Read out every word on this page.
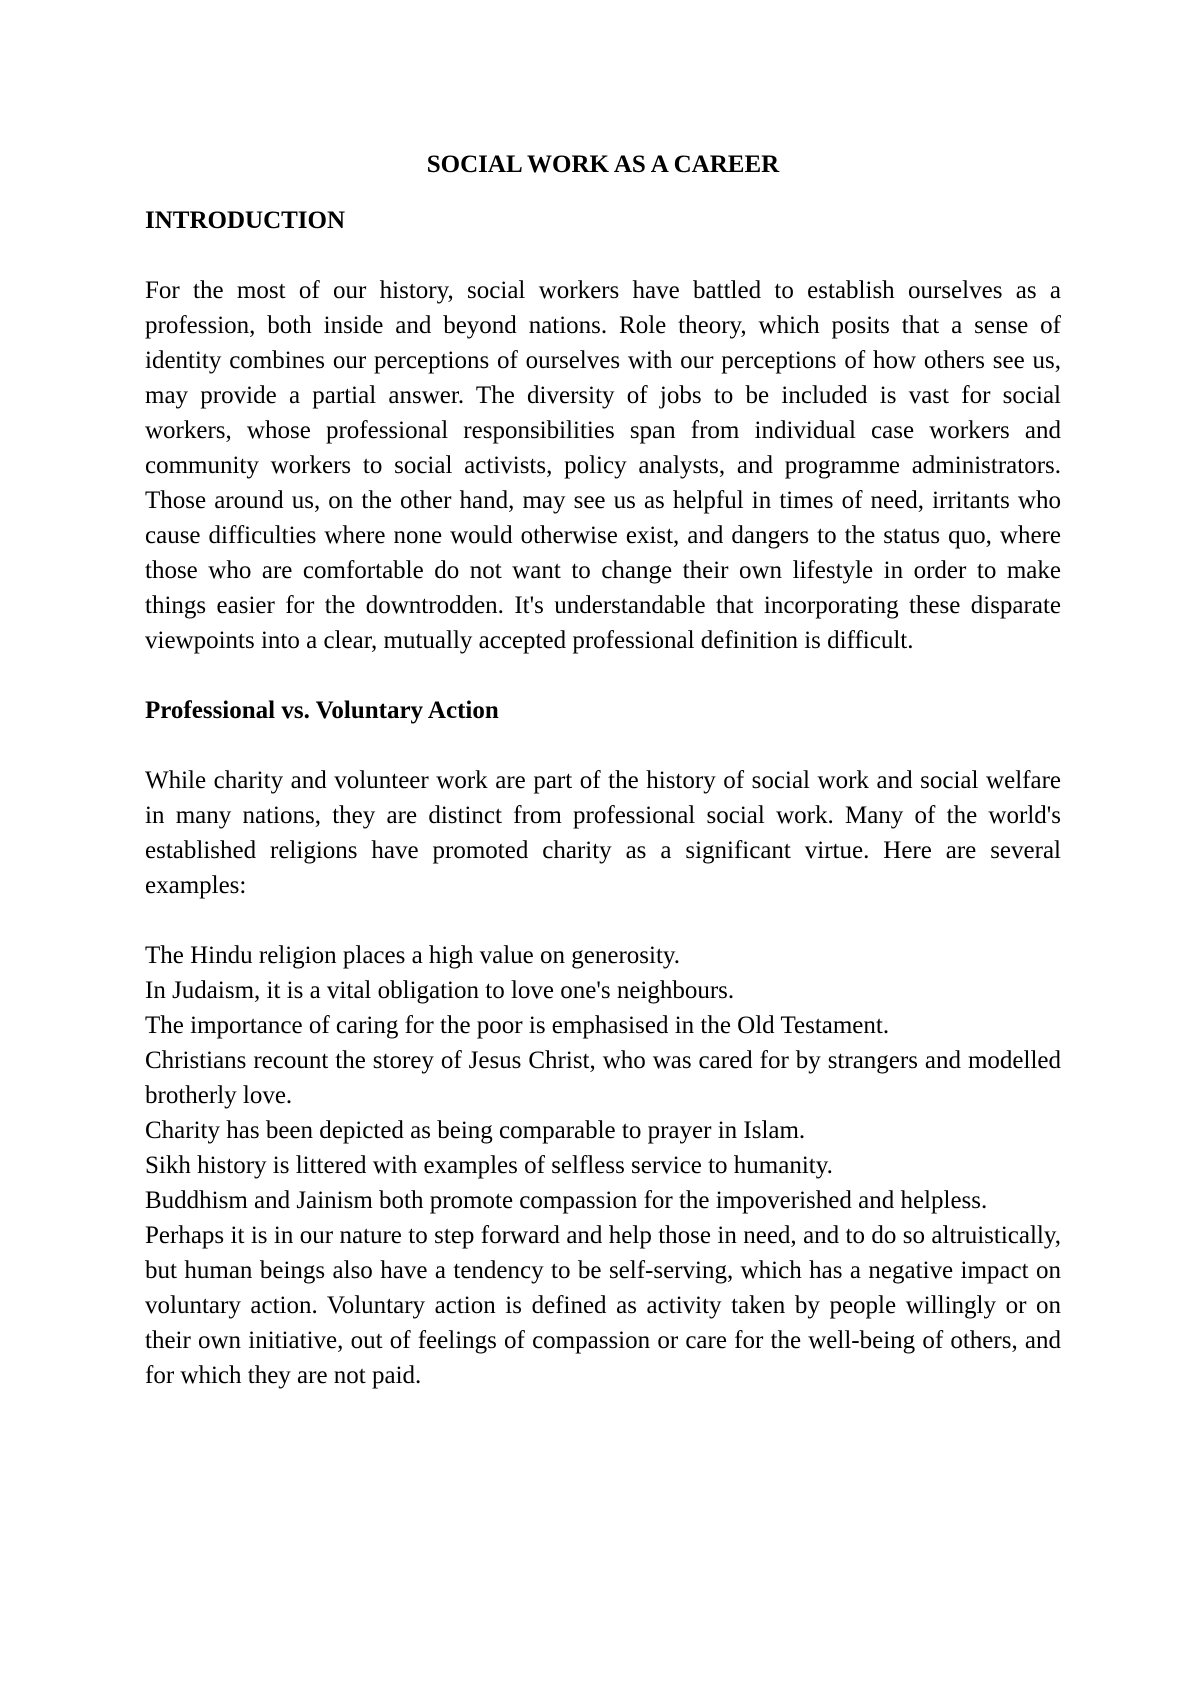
SOCIAL WORK AS A CAREER
INTRODUCTION

For the most of our history, social workers have battled to establish ourselves as a profession, both inside and beyond nations. Role theory, which posits that a sense of identity combines our perceptions of ourselves with our perceptions of how others see us, may provide a partial answer. The diversity of jobs to be included is vast for social workers, whose professional responsibilities span from individual case workers and community workers to social activists, policy analysts, and programme administrators. Those around us, on the other hand, may see us as helpful in times of need, irritants who cause difficulties where none would otherwise exist, and dangers to the status quo, where those who are comfortable do not want to change their own lifestyle in order to make things easier for the downtrodden. It's understandable that incorporating these disparate viewpoints into a clear, mutually accepted professional definition is difficult.

Professional vs. Voluntary Action

While charity and volunteer work are part of the history of social work and social welfare in many nations, they are distinct from professional social work. Many of the world's established religions have promoted charity as a significant virtue. Here are several examples:

The Hindu religion places a high value on generosity.
In Judaism, it is a vital obligation to love one's neighbours.
The importance of caring for the poor is emphasised in the Old Testament.
Christians recount the storey of Jesus Christ, who was cared for by strangers and modelled brotherly love.
Charity has been depicted as being comparable to prayer in Islam.
Sikh history is littered with examples of selfless service to humanity.
Buddhism and Jainism both promote compassion for the impoverished and helpless.
Perhaps it is in our nature to step forward and help those in need, and to do so altruistically, but human beings also have a tendency to be self-serving, which has a negative impact on voluntary action. Voluntary action is defined as activity taken by people willingly or on their own initiative, out of feelings of compassion or care for the well-being of others, and for which they are not paid.
